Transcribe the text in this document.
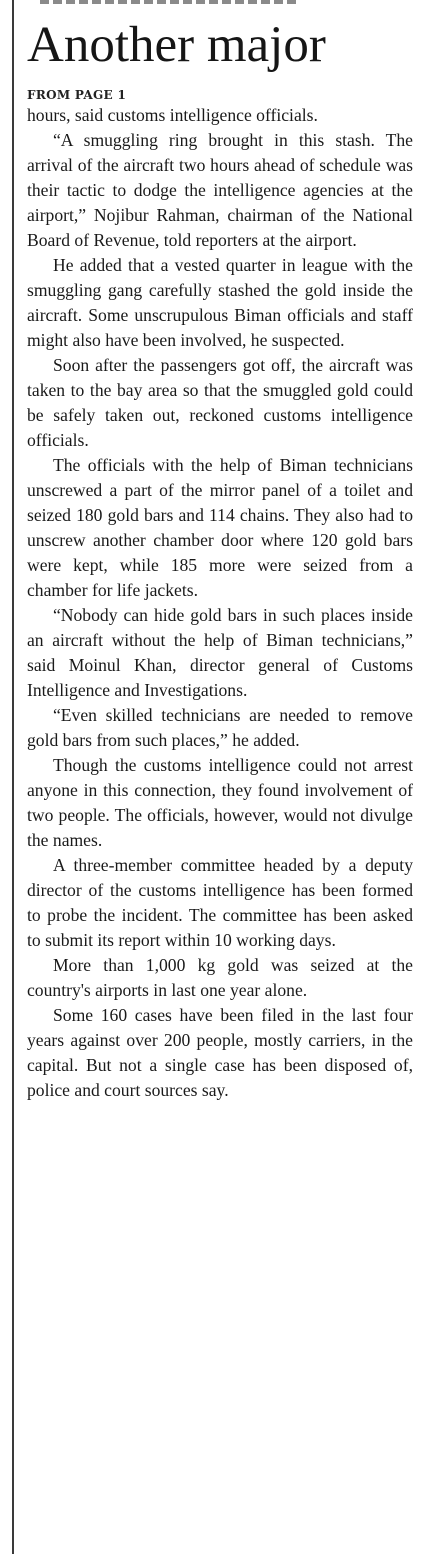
Another major
FROM PAGE 1

hours, said customs intelligence officials.

“A smuggling ring brought in this stash. The arrival of the aircraft two hours ahead of schedule was their tactic to dodge the intelligence agencies at the airport,” Nojibur Rahman, chairman of the National Board of Revenue, told reporters at the airport.

He added that a vested quarter in league with the smuggling gang carefully stashed the gold inside the aircraft. Some unscrupulous Biman officials and staff might also have been involved, he suspected.

Soon after the passengers got off, the aircraft was taken to the bay area so that the smuggled gold could be safely taken out, reckoned customs intelligence officials.

The officials with the help of Biman technicians unscrewed a part of the mirror panel of a toilet and seized 180 gold bars and 114 chains. They also had to unscrew another chamber door where 120 gold bars were kept, while 185 more were seized from a chamber for life jackets.

“Nobody can hide gold bars in such places inside an aircraft without the help of Biman technicians,” said Moinul Khan, director general of Customs Intelligence and Investigations.

“Even skilled technicians are needed to remove gold bars from such places,” he added.

Though the customs intelligence could not arrest anyone in this connection, they found involvement of two people. The officials, however, would not divulge the names.

A three-member committee headed by a deputy director of the customs intelligence has been formed to probe the incident. The committee has been asked to submit its report within 10 working days.

More than 1,000 kg gold was seized at the country's airports in last one year alone.

Some 160 cases have been filed in the last four years against over 200 people, mostly carriers, in the capital. But not a single case has been disposed of, police and court sources say.
